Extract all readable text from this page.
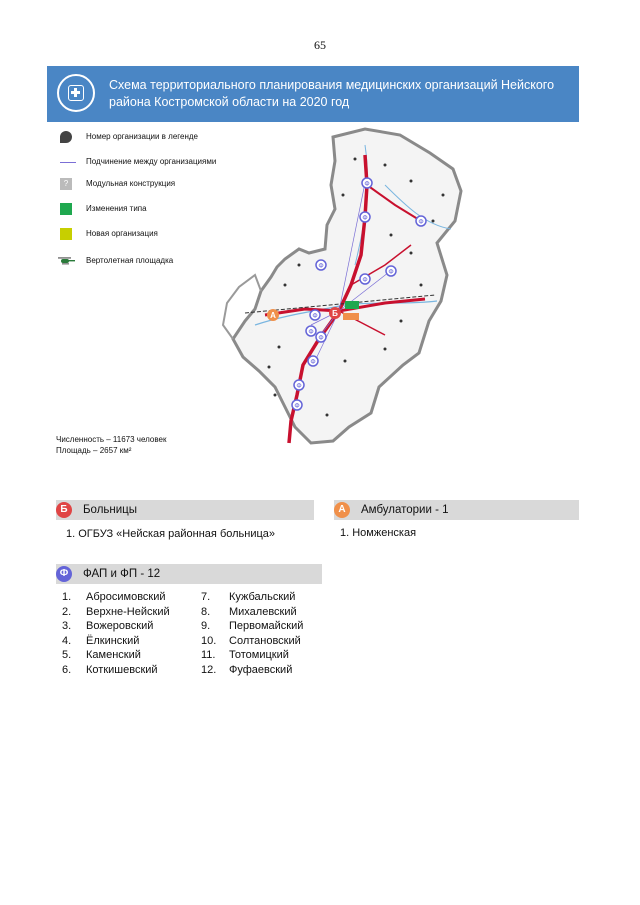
65
Схема территориального планирования медицинских организаций Нейского района Костромской области на 2020 год
Номер организации в легенде
Подчинение между организациями
?	Модульная конструкция
Изменения типа
Новая организация
Вертолетная площадка
Б
А
Ф
Ф
Ф
Ф
Ф
Ф
Ф
Ф
Ф
Ф
Ф
Ф
Численность – 11673 человек
Площадь – 2657 км²
Б	Больницы
1. ОГБУЗ «Нейская районная больница»
А	Амбулатории - 1
1. Номженская
Ф	ФАП и ФП - 12
1. Абросимовский
2. Верхне-Нейский
3. Вожеровский
4. Ёлкинский
5. Каменский
6. Коткишевский
7. Кужбальский
8. Михалевский
9. Первомайский
10. Солтановский
11. Тотомицкий
12. Фуфаевский
